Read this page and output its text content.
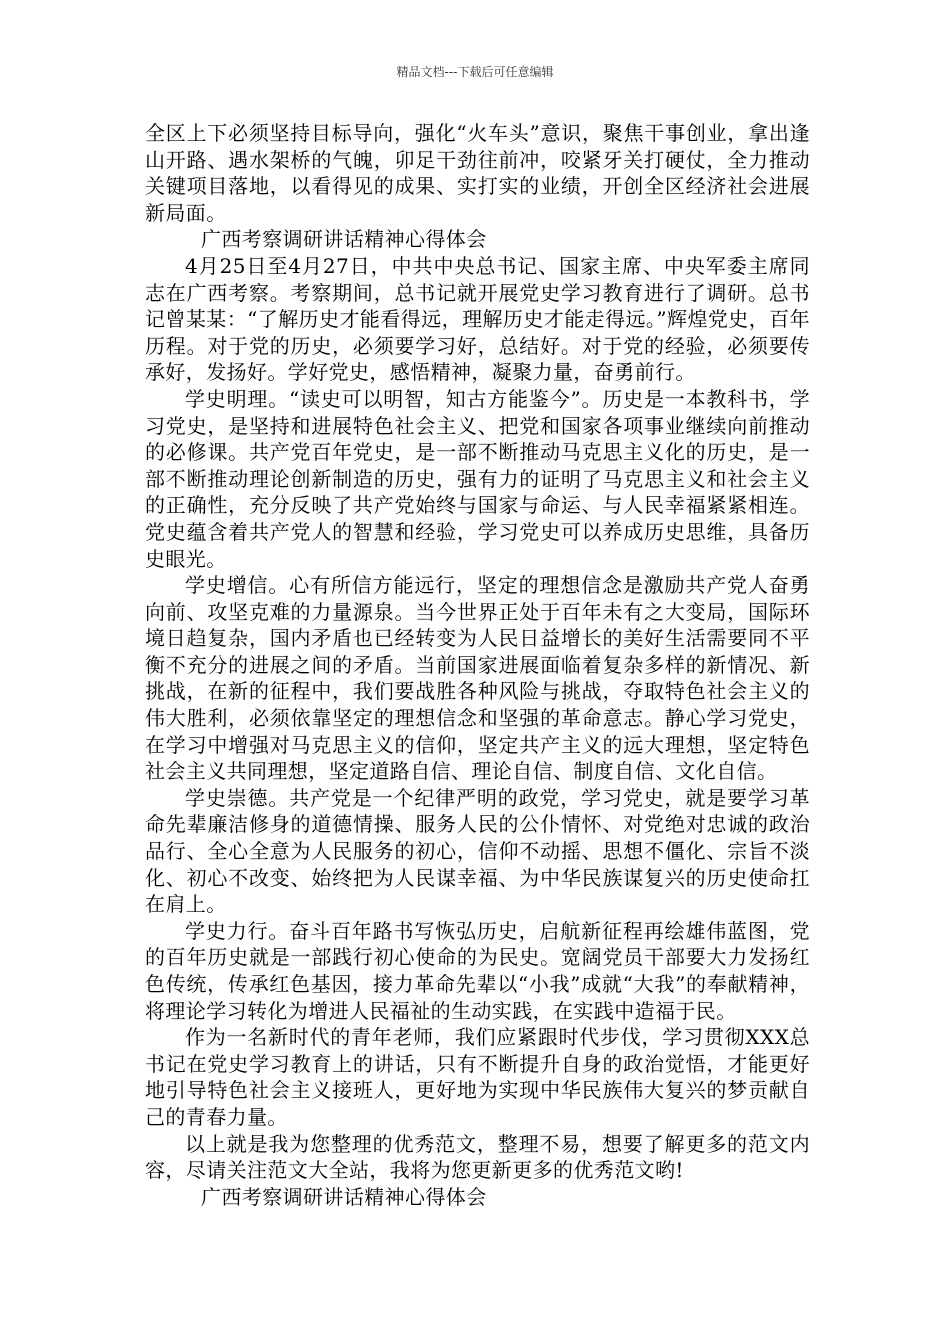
精品文档---下载后可任意编辑

全区上下必须坚持目标导向，强化“火车头”意识，聚焦干事创业，拿出逢山开路、遇水架桥的气魄，卯足干劲往前冲，咬紧牙关打硬仗，全力推动关键项目落地，以看得见的成果、实打实的业绩，开创全区经济社会进展新局面。

广西考察调研讲话精神心得体会

4月25日至4月27日，中共中央总书记、国家主席、中央军委主席同志在广西考察。考察期间，总书记就开展党史学习教育进行了调研。总书记曾某某：“了解历史才能看得远，理解历史才能走得远。”辉煌党史，百年历程。对于党的历史，必须要学习好，总结好。对于党的经验，必须要传承好，发扬好。学好党史，感悟精神，凝聚力量，奋勇前行。

学史明理。“读史可以明智，知古方能鉴今”。历史是一本教科书，学习党史，是坚持和进展特色社会主义、把党和国家各项事业继续向前推动的必修课。共产党百年党史，是一部不断推动马克思主义化的历史，是一部不断推动理论创新制造的历史，强有力的证明了马克思主义和社会主义的正确性，充分反映了共产党始终与国家与命运、与人民幸福紧紧相连。党史蕴含着共产党人的智慧和经验，学习党史可以养成历史思维，具备历史眼光。

学史增信。心有所信方能远行，坚定的理想信念是激励共产党人奋勇向前、攻坚克难的力量源泉。当今世界正处于百年未有之大变局，国际环境日趋复杂，国内矛盾也已经转变为人民日益增长的美好生活需要同不平衡不充分的进展之间的矛盾。当前国家进展面临着复杂多样的新情况、新挑战，在新的征程中，我们要战胜各种风险与挑战，夺取特色社会主义的伟大胜利，必须依靠坚定的理想信念和坚强的革命意志。静心学习党史，在学习中增强对马克思主义的信仰，坚定共产主义的远大理想，坚定特色社会主义共同理想，坚定道路自信、理论自信、制度自信、文化自信。

学史崇德。共产党是一个纪律严明的政党，学习党史，就是要学习革命先辈廉洁修身的道德情操、服务人民的公仆情怀、对党绝对忠诚的政治品行、全心全意为人民服务的初心，信仰不动摇、思想不僵化、宗旨不淡化、初心不改变、始终把为人民谋幸福、为中华民族谋复兴的历史使命扛在肩上。

学史力行。奋斗百年路书写恢弘历史，启航新征程再绘雄伟蓝图，党的百年历史就是一部践行初心使命的为民史。宽阔党员干部要大力发扬红色传统，传承红色基因，接力革命先辈以“小我”成就“大我”的奉献精神，将理论学习转化为增进人民福祉的生动实践，在实践中造福于民。

作为一名新时代的青年老师，我们应紧跟时代步伐，学习贯彻XXX总书记在党史学习教育上的讲话，只有不断提升自身的政治觉悟，才能更好地引导特色社会主义接班人，更好地为实现中华民族伟大复兴的梦贡献自己的青春力量。

以上就是我为您整理的优秀范文，整理不易，想要了解更多的范文内容，尽请关注范文大全站，我将为您更新更多的优秀范文哟!

广西考察调研讲话精神心得体会
